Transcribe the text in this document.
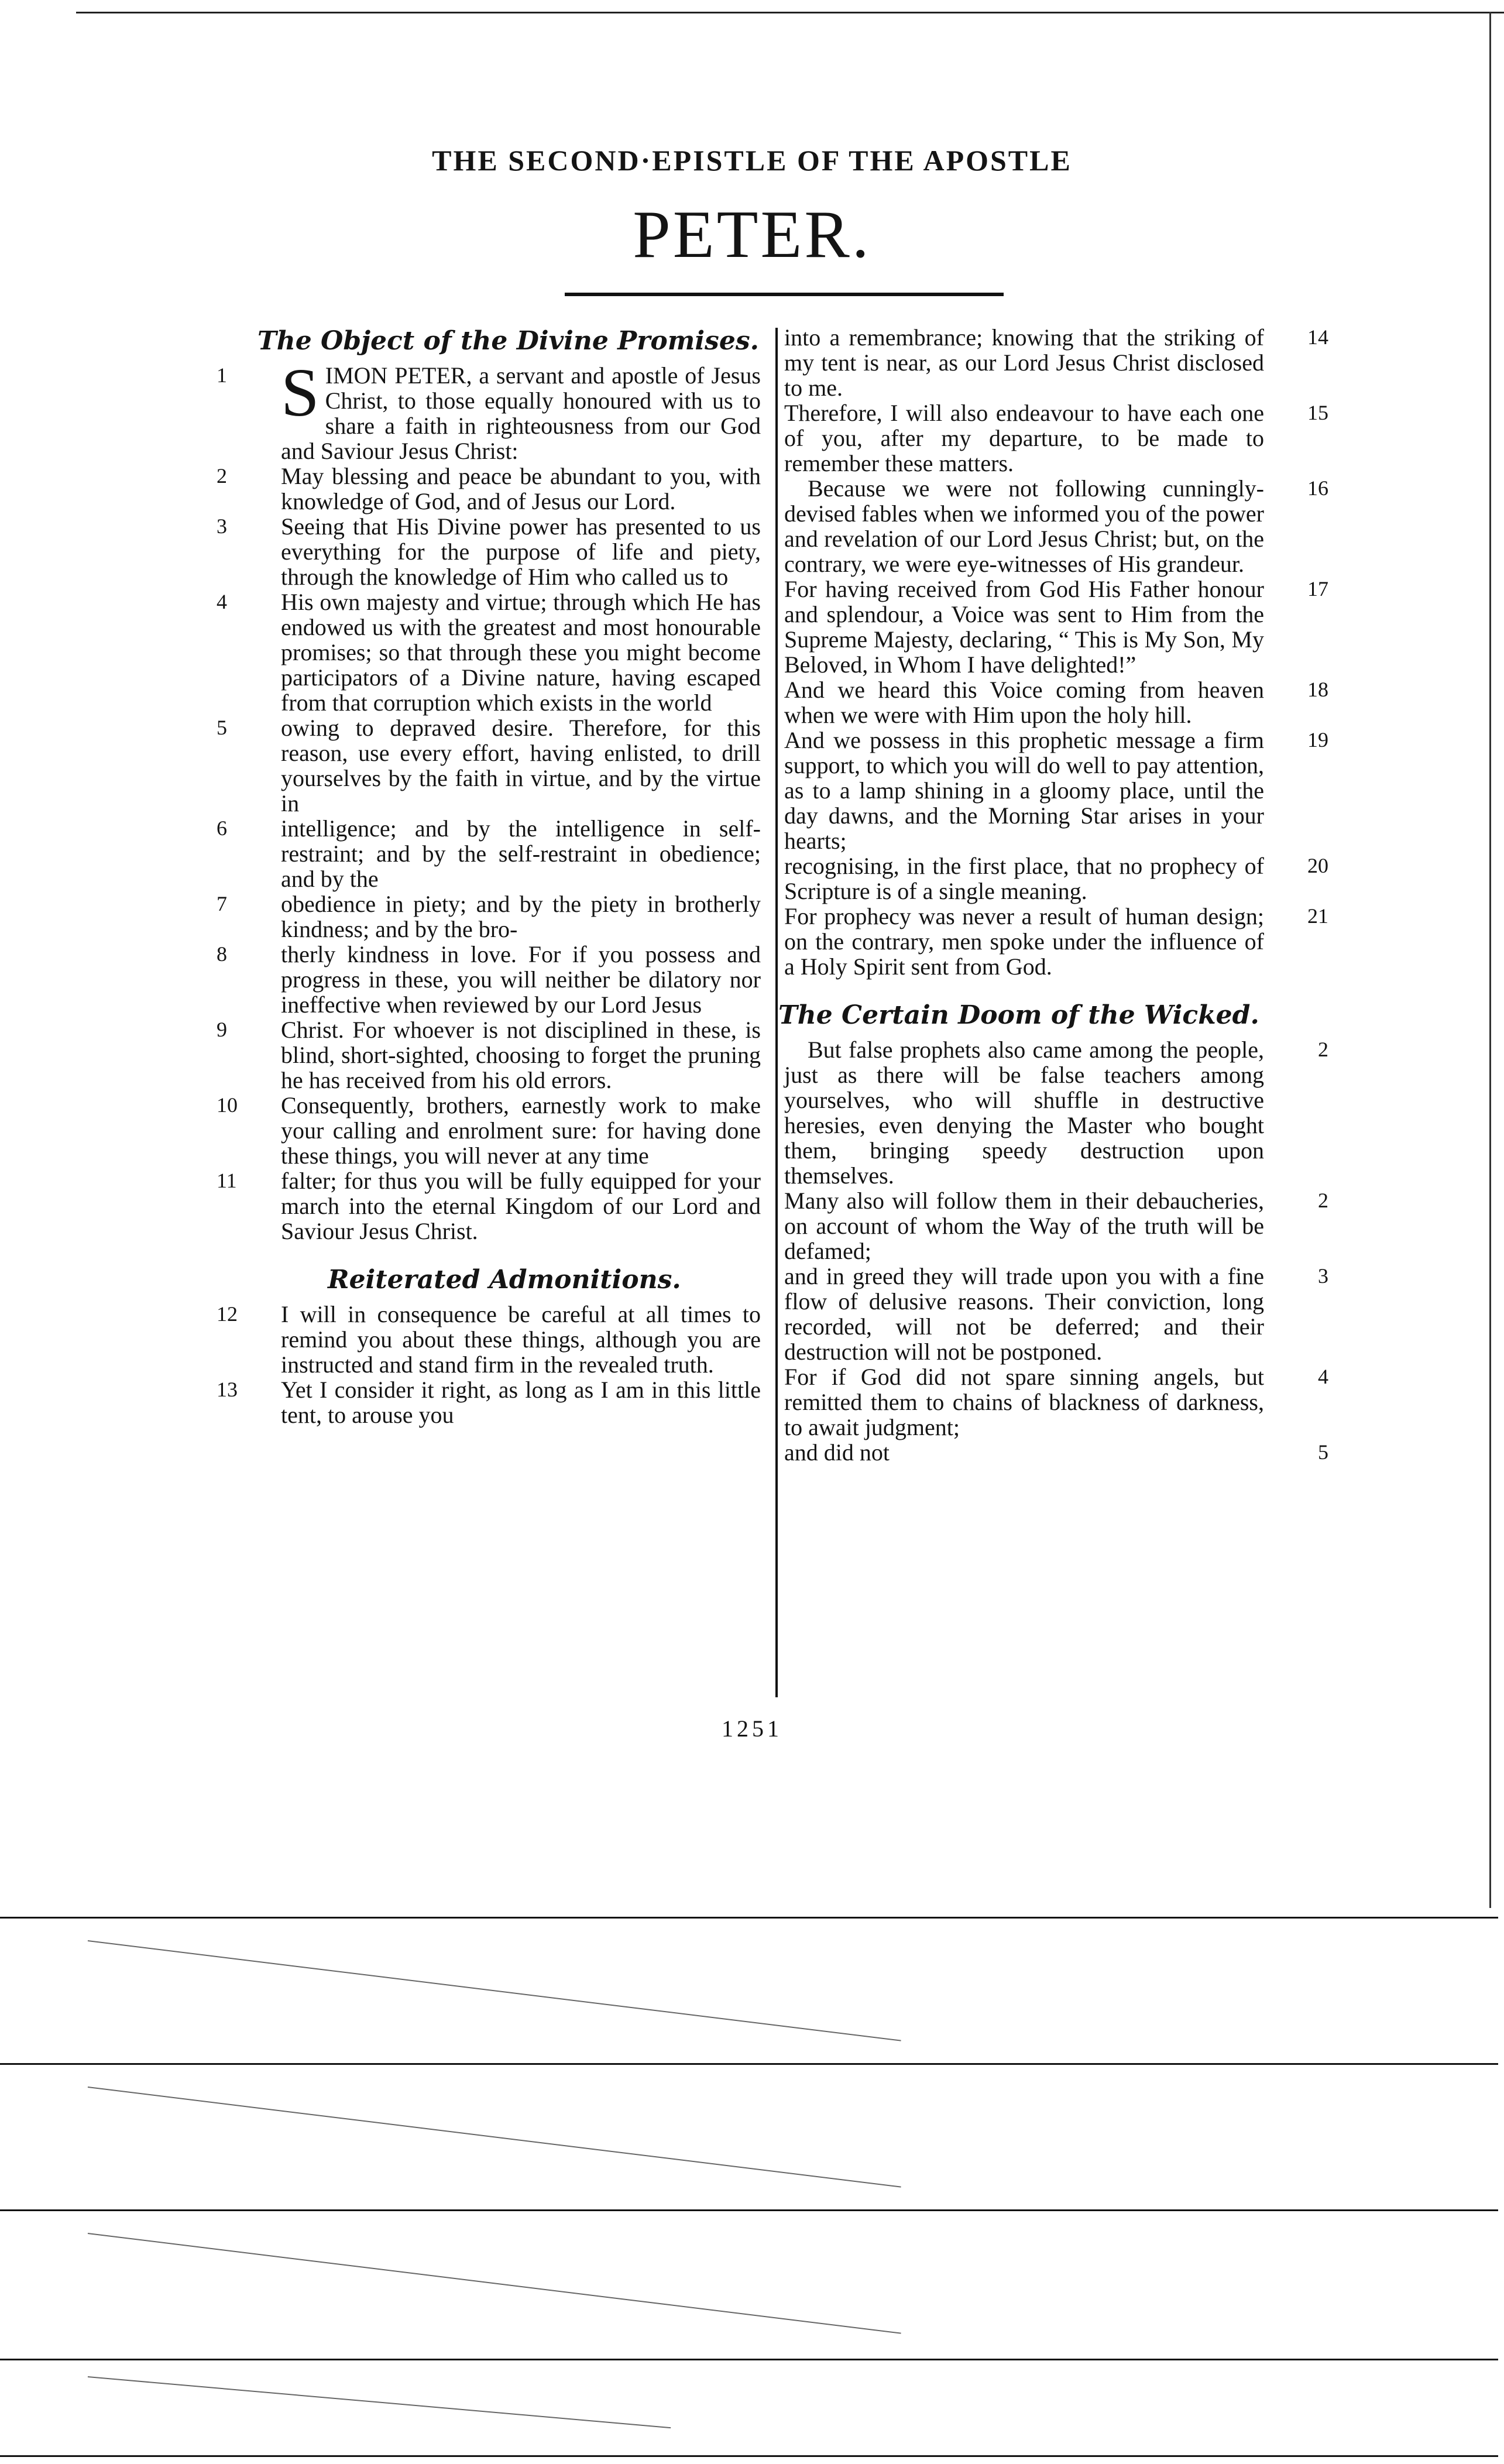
THE SECOND·EPISTLE OF THE APOSTLE
PETER.
The Object of the Divine Promises.

1 S IMON PETER, a servant and apostle of Jesus Christ, to those equally honoured with us to share a faith in righteousness from our God and Saviour Jesus Christ:

2 May blessing and peace be abundant to you, with knowledge of God, and of Jesus our Lord.

3 Seeing that His Divine power has presented to us everything for the purpose of life and piety, through the knowledge of Him who called us to

4 His own majesty and virtue; through which He has endowed us with the greatest and most honourable promises; so that through these you might become participators of a Divine nature, having escaped from that corruption which exists in the world

5 owing to depraved desire. Therefore, for this reason, use every effort, having enlisted, to drill yourselves by the faith in virtue, and by the virtue in

6 intelligence; and by the intelligence in self-restraint; and by the self-restraint in obedience; and by the

7 obedience in piety; and by the piety in brotherly kindness; and by the bro-

8 therly kindness in love. For if you possess and progress in these, you will neither be dilatory nor ineffective when reviewed by our Lord Jesus

9 Christ. For whoever is not disciplined in these, is blind, short-sighted, choosing to forget the pruning he has received from his old errors.

10 Consequently, brothers, earnestly work to make your calling and enrolment sure: for having done these things, you will never at any time

11 falter; for thus you will be fully equipped for your march into the eternal Kingdom of our Lord and Saviour Jesus Christ.

Reiterated Admonitions.

12 I will in consequence be careful at all times to remind you about these things, although you are instructed and stand firm in the revealed truth.

13 Yet I consider it right, as long as I am in this little tent, to arouse you

into a remembrance; knowing that the striking of my tent is near, as our Lord Jesus Christ disclosed to me.
14

Therefore, I will also endeavour to have each one of you, after my departure, to be made to remember these matters.
15

Because we were not following cunningly-devised fables when we informed you of the power and revelation of our Lord Jesus Christ; but, on the contrary, we were eye-witnesses of His grandeur.
16

For having received from God His Father honour and splendour, a Voice was sent to Him from the Supreme Majesty, declaring, “ This is My Son, My Beloved, in Whom I have delighted!”
17

And we heard this Voice coming from heaven when we were with Him upon the holy hill.
18

And we possess in this prophetic message a firm support, to which you will do well to pay attention, as to a lamp shining in a gloomy place, until the day dawns, and the Morning Star arises in your hearts;
19

recognising, in the first place, that no prophecy of Scripture is of a single meaning.
20

For prophecy was never a result of human design; on the contrary, men spoke under the influence of a Holy Spirit sent from God.
21

The Certain Doom of the Wicked.

But false prophets also came among the people, just as there will be false teachers among yourselves, who will shuffle in destructive heresies, even denying the Master who bought them, bringing speedy destruction upon themselves.
2

Many also will follow them in their debaucheries, on account of whom the Way of the truth will be defamed;
2

and in greed they will trade upon you with a fine flow of delusive reasons. Their conviction, long recorded, will not be deferred; and their destruction will not be postponed.
3

For if God did not spare sinning angels, but remitted them to chains of blackness of darkness, to await judgment;
4

and did not	5

1251
